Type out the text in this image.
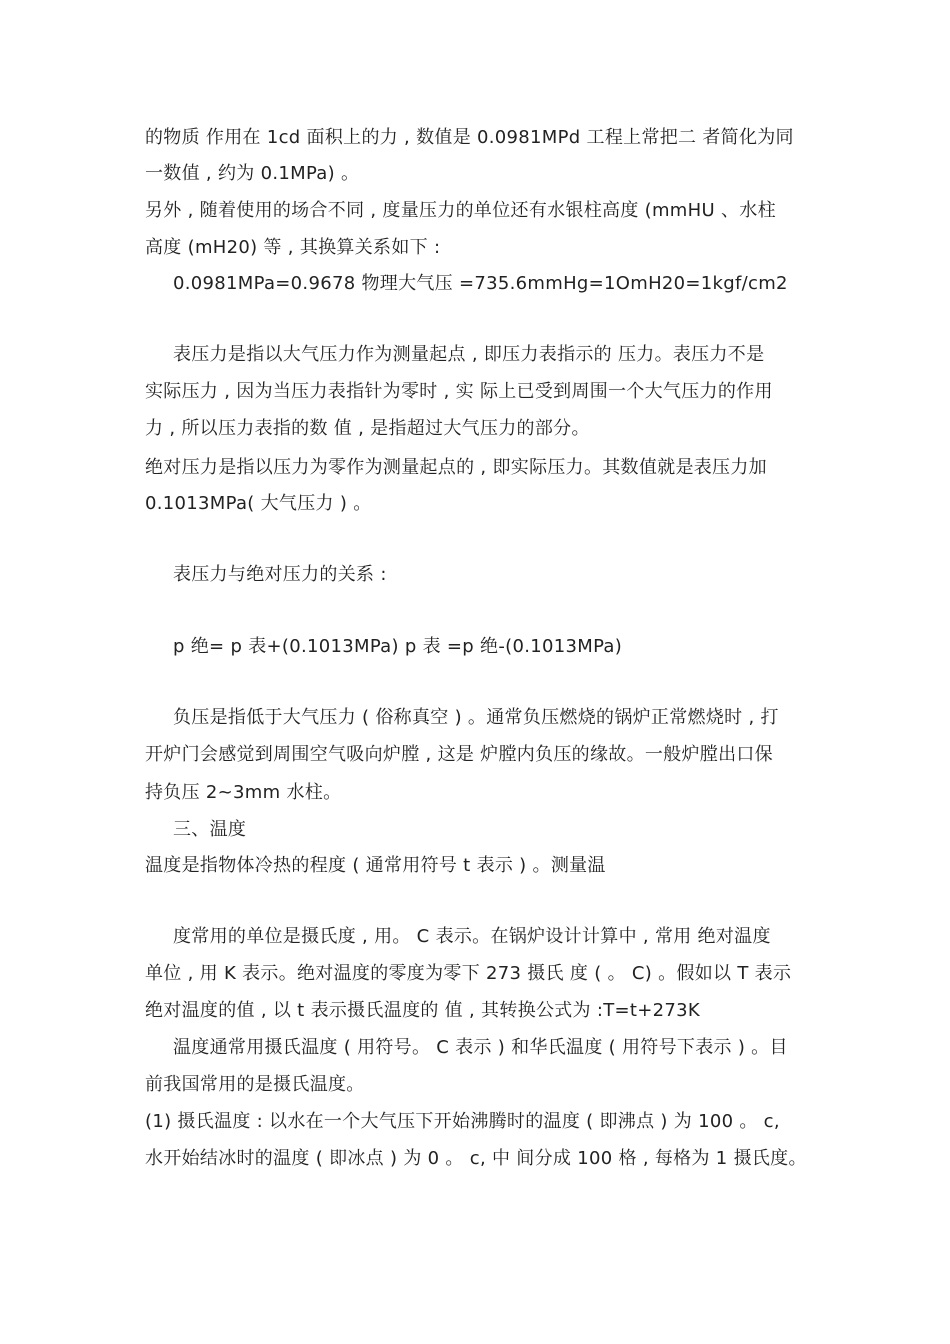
的物质 作用在 1cd 面积上的力 , 数值是 0.0981MPd 工程上常把二 者简化为同
一数值 , 约为 0.1MPa) 。
另外 , 随着使用的场合不同 , 度量压力的单位还有水银柱高度 (mmHU 、水柱
高度 (mH20) 等 , 其换算关系如下 :
0.0981MPa=0.9678 物理大气压 =735.6mmHg=1OmH20=1kgf/cm2
表压力是指以大气压力作为测量起点 , 即压力表指示的 压力。表压力不是
实际压力 , 因为当压力表指针为零时 , 实 际上已受到周围一个大气压力的作用
力 , 所以压力表指的数 值 , 是指超过大气压力的部分。
绝对压力是指以压力为零作为测量起点的 , 即实际压力。其数值就是表压力加
0.1013MPa( 大气压力 ) 。
表压力与绝对压力的关系 :
p 绝= p 表+(0.1013MPa) p 表 =p 绝-(0.1013MPa)
负压是指低于大气压力 ( 俗称真空 ) 。通常负压燃烧的锅炉正常燃烧时 , 打
开炉门会感觉到周围空气吸向炉膛 , 这是 炉膛内负压的缘故。一般炉膛出口保
持负压 2~3mm 水柱。
三、温度
温度是指物体冷热的程度 ( 通常用符号 t 表示 ) 。测量温
度常用的单位是摄氏度 , 用。 C 表示。在锅炉设计计算中 , 常用 绝对温度
单位 , 用 K 表示。绝对温度的零度为零下 273 摄氏 度 ( 。 C) 。假如以 T 表示
绝对温度的值 , 以 t 表示摄氏温度的 值 , 其转换公式为 :T=t+273K
温度通常用摄氏温度 ( 用符号。 C 表示 ) 和华氏温度 ( 用符号下表示 ) 。目
前我国常用的是摄氏温度。
(1) 摄氏温度 : 以水在一个大气压下开始沸腾时的温度 ( 即沸点 ) 为 100 。 c,
水开始结冰时的温度 ( 即冰点 ) 为 0 。 c, 中 间分成 100 格 , 每格为 1 摄氏度。
